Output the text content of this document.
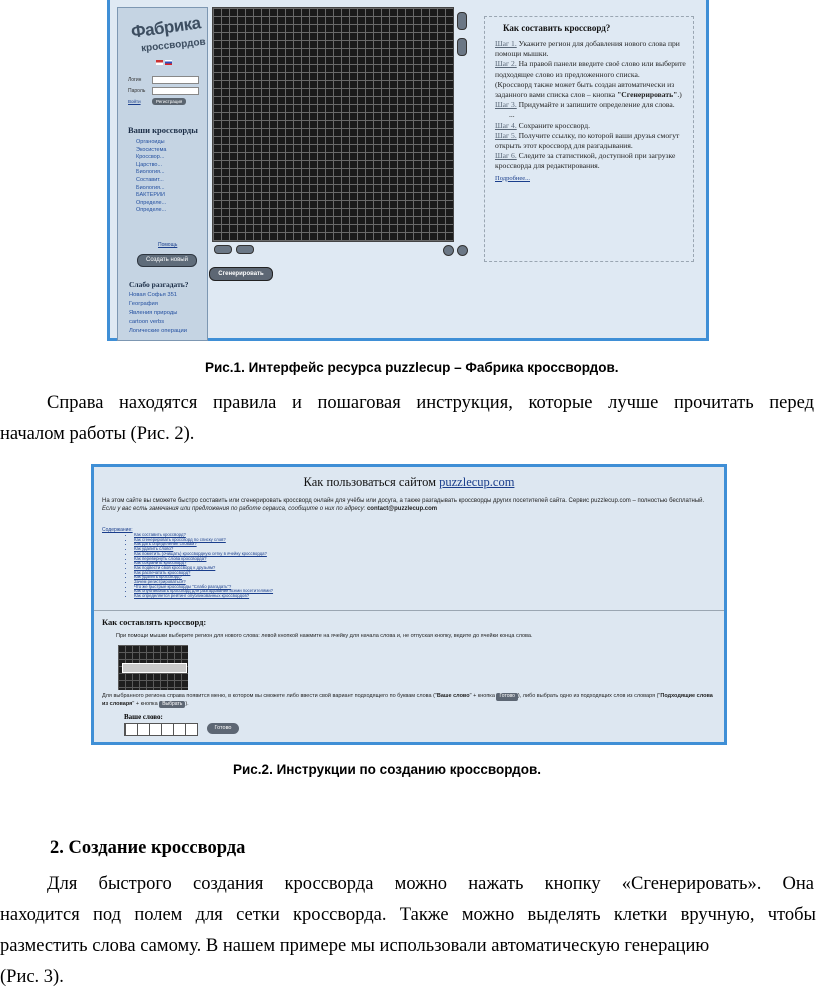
Фабрика
кроссвордов
Логин
Пароль
Войти	Регистрация
Ваши кроссворды
Органоиды
Экосистема
Кроссвор...
Царство...
Биология...
Составит...
Биология...
БАКТЕРИИ
Определе...
Определе...
Помощь
Создать новый
Слабо разгадать?
Новая Софья 351
География
Явления природы
cartoon verbs
Логические операции
Сгенерировать
Как составить кроссворд?

Шаг 1. Укажите регион для добавления нового слова при помощи мышки.

Шаг 2. На правой панели введите своё слово или выберите подходящее слово из предложенного списка.

(Кроссворд также может быть создан автоматически из заданного вами списка слов – кнопка "Сгенерировать".)

Шаг 3. Придумайте и запишите определение для слова.

...

Шаг 4. Сохраните кроссворд.

Шаг 5. Получите ссылку, по которой ваши друзья смогут открыть этот кроссворд для разгадывания.

Шаг 6. Следите за статистикой, доступной при загрузке кроссворда для редактирования.

Подробнее...
Рис.1. Интерфейс ресурса puzzlecup – Фабрика кроссвордов.
Справа находятся правила и пошаговая инструкция, которые лучше прочитать перед
началом работы (Рис. 2).
Как пользоваться сайтом puzzlecup.com
На этом сайте вы сможете быстро составить или сгенерировать кроссворд онлайн для учёбы или досуга, а также разгадывать кроссворды других посетителей сайта. Сервис puzzlecup.com – полностью бесплатный.
Если у вас есть замечания или предложения по работе сервиса, сообщите о них по адресу: contact@puzzlecup.com
Содержание:
• Как составить кроссворд?
• Как сгенерировать кроссворд по списку слов?
• Как дать определение словам?
• Как удалить слово?
• Как пометить (очищать) кроссвордную сетку в ячейку кроссворда?
• Как перевернуть слова кроссворда?
• Как сохранить кроссворд?
• Как подвести свой кроссворд к друзьям?
• Как распечатать кроссворд?
• Как удалить кроссворд?
• Зачем регистрироваться?
• Что же быстрые кроссворды "Слабо разгадать"?
• Как опубликовать кроссворд для разгадывания всеми посетителями?
• Как определяется рейтинг опубликованных кроссвордов?
Как составлять кроссворд:
При помощи мышки выберите регион для нового слова: левой кнопкой нажмите на ячейку для начала слова и, не отпуская кнопку, ведите до ячейки конца слова.
Для выбранного региона справа появится меню, в котором вы сможете либо ввести свой вариант подходящего по буквам слова ("Ваше слово" + кнопка Готово ), либо выбрать одно из подходящих слов из словаря ("Подходящие слова из словаря" + кнопка Выбрать ).
Ваше слово:
Готово
Рис.2. Инструкции по созданию кроссвордов.
2. Создание кроссворда
Для быстрого создания кроссворда можно нажать кнопку «Сгенерировать». Она
находится под полем для сетки кроссворда. Также можно выделять клетки вручную, чтобы
разместить слова самому. В нашем примере мы использовали автоматическую генерацию
(Рис. 3).
